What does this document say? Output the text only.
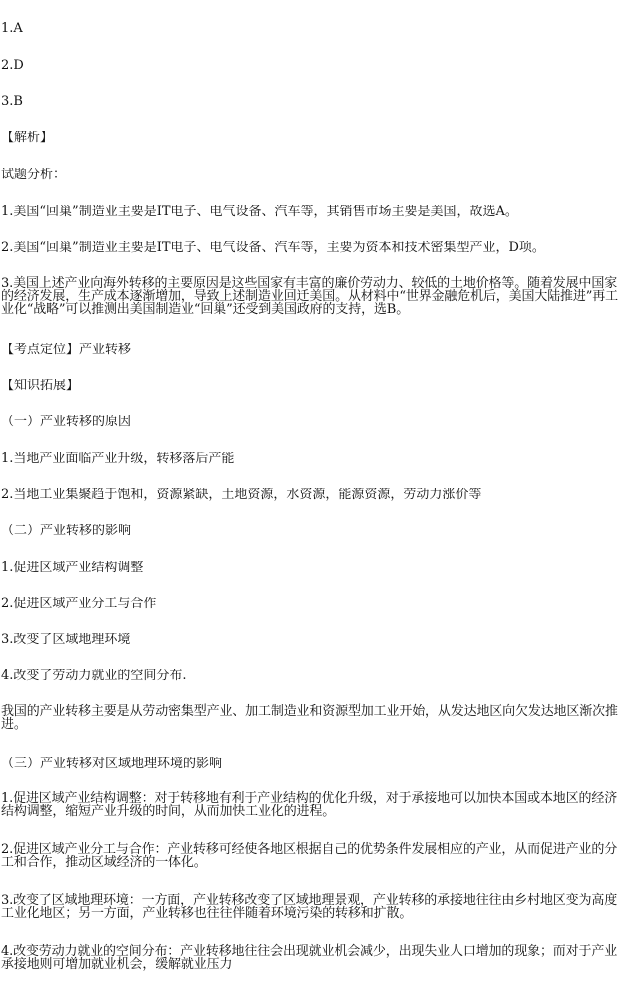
1.A
2.D
3.B
【解析】
试题分析：
1.美国“回巢”制造业主要是IT电子、电气设备、汽车等，其销售市场主要是美国，故选A。
2.美国“回巢”制造业主要是IT电子、电气设备、汽车等，主要为资本和技术密集型产业，D项。
3.美国上述产业向海外转移的主要原因是这些国家有丰富的廉价劳动力、较低的土地价格等。随着发展中国家的经济发展，生产成本逐渐增加，导致上述制造业回迁美国。从材料中“世界金融危机后，美国大陆推进”再工业化“战略”可以推测出美国制造业“回巢”还受到美国政府的支持，选B。
【考点定位】产业转移
【知识拓展】
（一）产业转移的原因
1.当地产业面临产业升级，转移落后产能
2.当地工业集聚趋于饱和，资源紧缺，土地资源，水资源，能源资源，劳动力涨价等
（二）产业转移的影响
1.促进区域产业结构调整
2.促进区域产业分工与合作
3.改变了区域地理环境
4.改变了劳动力就业的空间分布.
我国的产业转移主要是从劳动密集型产业、加工制造业和资源型加工业开始，从发达地区向欠发达地区渐次推进。
（三）产业转移对区域地理环境的影响
1.促进区域产业结构调整：对于转移地有利于产业结构的优化升级，对于承接地可以加快本国或本地区的经济结构调整，缩短产业升级的时间，从而加快工业化的进程。
2.促进区域产业分工与合作：产业转移可经使各地区根据自己的优势条件发展相应的产业，从而促进产业的分工和合作，推动区域经济的一体化。
3.改变了区域地理环境：一方面，产业转移改变了区域地理景观，产业转移的承接地往往由乡村地区变为高度工业化地区；另一方面，产业转移也往往伴随着环境污染的转移和扩散。
4.改变劳动力就业的空间分布：产业转移地往往会出现就业机会减少，出现失业人口增加的现象；而对于产业承接地则可增加就业机会，缓解就业压力
